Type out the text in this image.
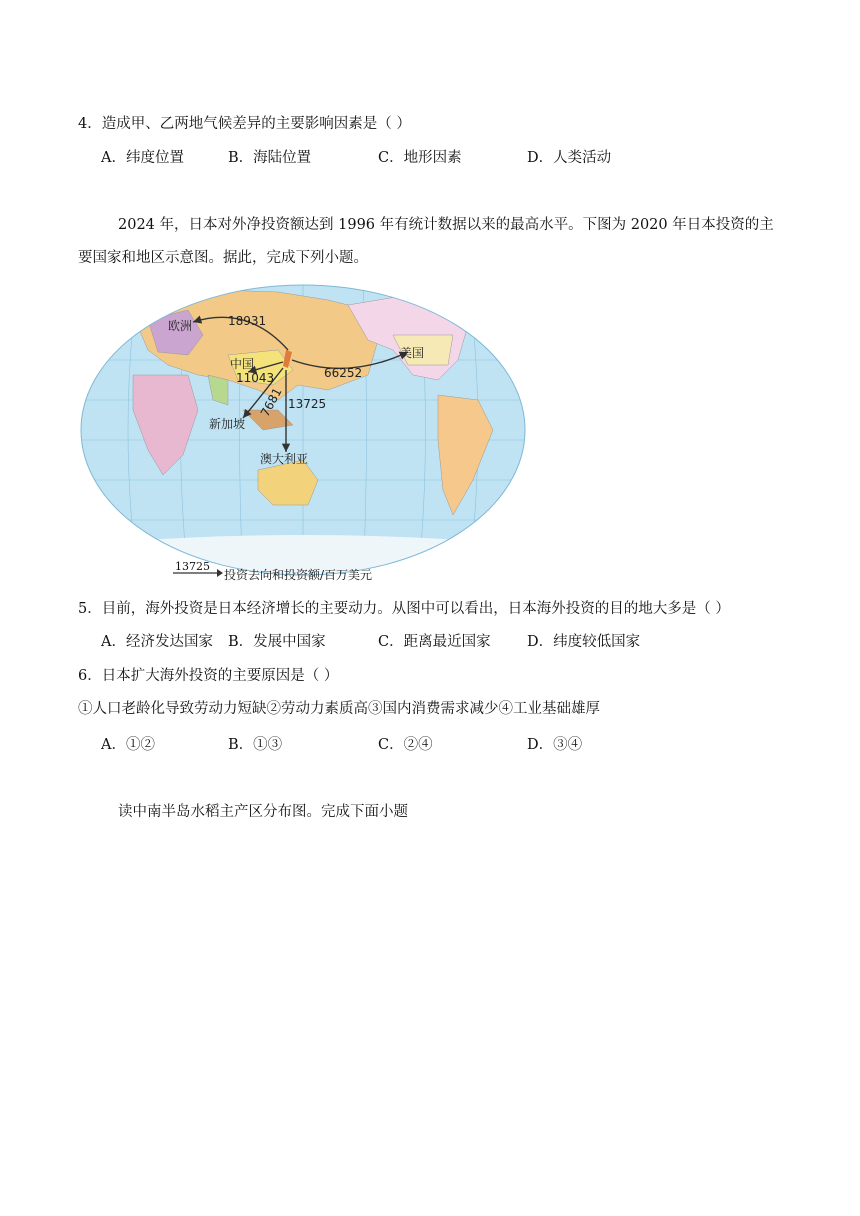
4．造成甲、乙两地气候差异的主要影响因素是（ ）
A．纬度位置	B．海陆位置	C．地形因素	D．人类活动
2024 年，日本对外净投资额达到 1996 年有统计数据以来的最高水平。下图为 2020 年日本投资的主
要国家和地区示意图。据此，完成下列小题。
欧洲	18931
中国
11043
美国
66252
13725
7681
新加坡
澳大利亚
13725
投资去向和投资额/百万美元
5．目前，海外投资是日本经济增长的主要动力。从图中可以看出，日本海外投资的目的地大多是（ ）
A．经济发达国家 B．发展中国家	C．距离最近国家	D．纬度较低国家
6．日本扩大海外投资的主要原因是（ ）
①人口老龄化导致劳动力短缺②劳动力素质高③国内消费需求减少④工业基础雄厚
A．①②	B．①③	C．②④	D．③④
读中南半岛水稻主产区分布图。完成下面小题
